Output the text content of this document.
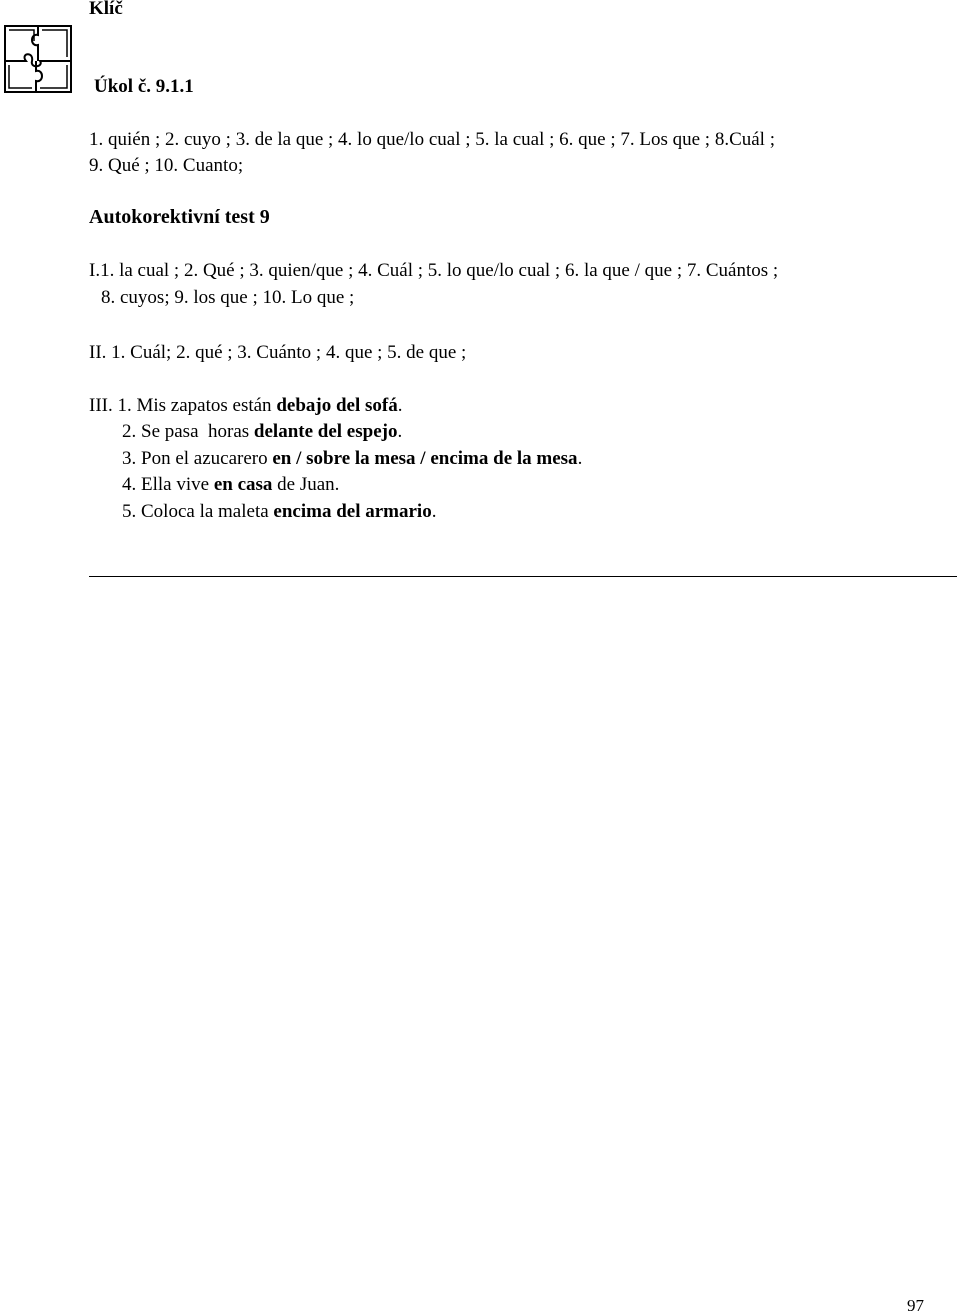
Klíč
Úkol č. 9.1.1
1. quién ; 2. cuyo ; 3. de la que ; 4. lo que/lo cual ; 5. la cual ; 6. que ; 7. Los que ; 8.Cuál ;
9. Qué ; 10. Cuanto;
Autokorektivní test 9
I.1. la cual ; 2. Qué ; 3. quien/que ; 4. Cuál ; 5. lo que/lo cual ; 6. la que / que ; 7. Cuántos ;
8. cuyos; 9. los que ; 10. Lo que ;
II. 1. Cuál; 2. qué ; 3. Cuánto ; 4. que ; 5. de que ;
III. 1. Mis zapatos están debajo del sofá.
2. Se pasa  horas delante del espejo.
3. Pon el azucarero en / sobre la mesa / encima de la mesa.
4. Ella vive en casa de Juan.
5. Coloca la maleta encima del armario.
97
